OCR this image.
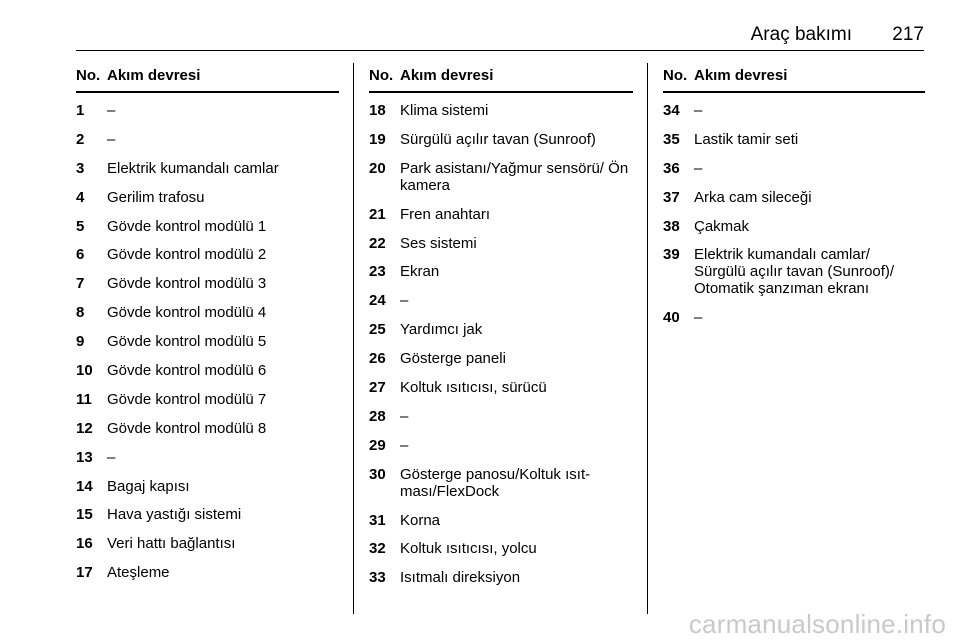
Araç bakımı 217
No. Akım devresi
1	–
2	–
3	Elektrik kumandalı camlar
4	Gerilim trafosu
5	Gövde kontrol modülü 1
6	Gövde kontrol modülü 2
7	Gövde kontrol modülü 3
8	Gövde kontrol modülü 4
9	Gövde kontrol modülü 5
10 Gövde kontrol modülü 6
11	Gövde kontrol modülü 7
12 Gövde kontrol modülü 8
13 –
14 Bagaj kapısı
15 Hava yastığı sistemi
16 Veri hattı bağlantısı
17 Ateşleme
No. Akım devresi
18 Klima sistemi
19 Sürgülü açılır tavan (Sunroof)
20 Park asistanı/Yağmur sensörü/ Ön kamera
21 Fren anahtarı
22 Ses sistemi
23 Ekran
24 –
25 Yardımcı jak
26 Gösterge paneli
27 Koltuk ısıtıcısı, sürücü
28 –
29 –
30 Gösterge panosu/Koltuk ısıt- ması/FlexDock
31 Korna
32 Koltuk ısıtıcısı, yolcu
33 Isıtmalı direksiyon
No. Akım devresi
34 –
35 Lastik tamir seti
36 –
37 Arka cam sileceği
38 Çakmak
39 Elektrik kumandalı camlar/ Sürgülü açılır tavan (Sunroof)/ Otomatik şanzıman ekranı
40 –
carmanualsonline.info
